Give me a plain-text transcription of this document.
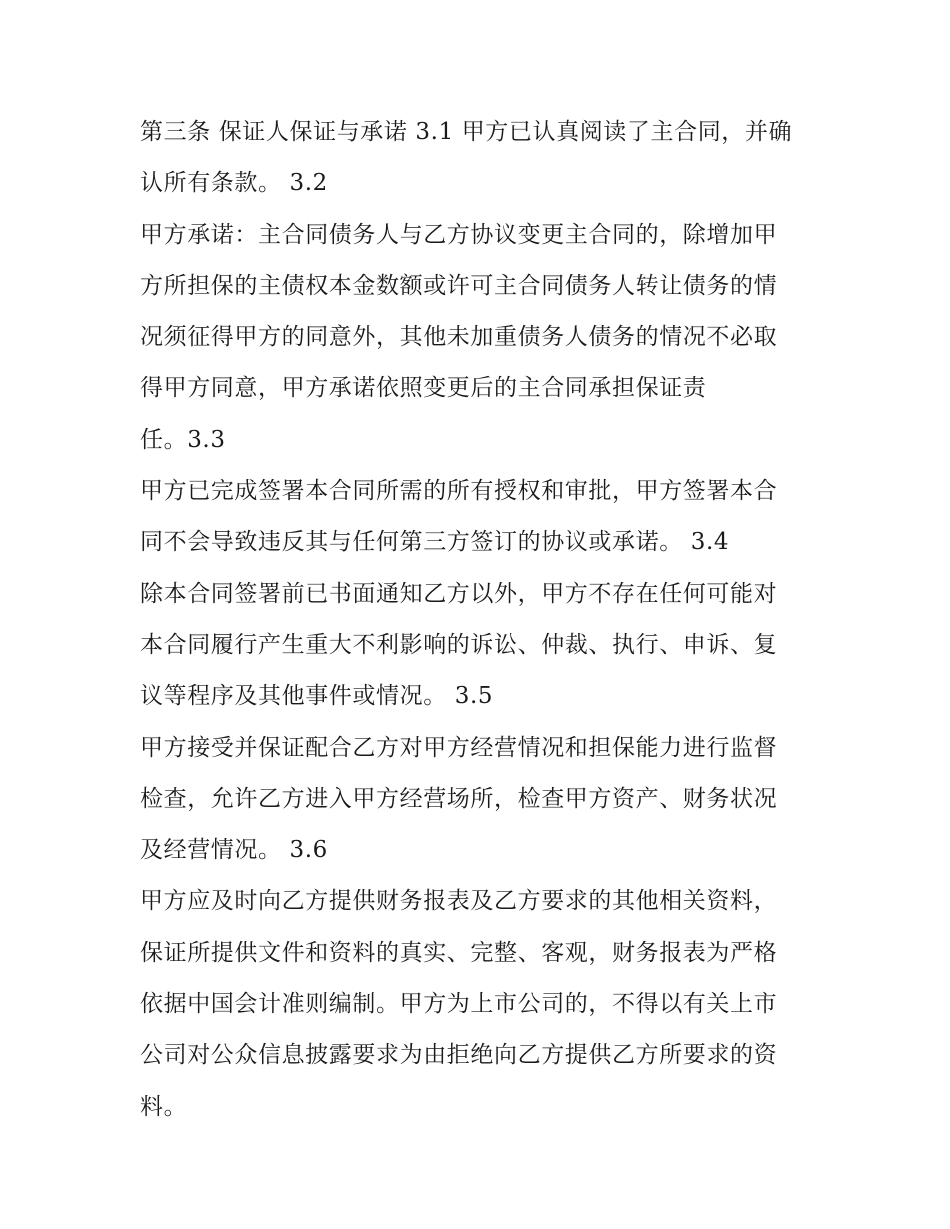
第三条 保证人保证与承诺 3.1 甲方已认真阅读了主合同，并确
认所有条款。 3.2
甲方承诺：主合同债务人与乙方协议变更主合同的，除增加甲
方所担保的主债权本金数额或许可主合同债务人转让债务的情
况须征得甲方的同意外，其他未加重债务人债务的情况不必取
得甲方同意，甲方承诺依照变更后的主合同承担保证责
任。3.3
甲方已完成签署本合同所需的所有授权和审批，甲方签署本合
同不会导致违反其与任何第三方签订的协议或承诺。 3.4
除本合同签署前已书面通知乙方以外，甲方不存在任何可能对
本合同履行产生重大不利影响的诉讼、仲裁、执行、申诉、复
议等程序及其他事件或情况。 3.5
甲方接受并保证配合乙方对甲方经营情况和担保能力进行监督
检查，允许乙方进入甲方经营场所，检查甲方资产、财务状况
及经营情况。 3.6
甲方应及时向乙方提供财务报表及乙方要求的其他相关资料，
保证所提供文件和资料的真实、完整、客观，财务报表为严格
依据中国会计准则编制。甲方为上市公司的，不得以有关上市
公司对公众信息披露要求为由拒绝向乙方提供乙方所要求的资
料。
